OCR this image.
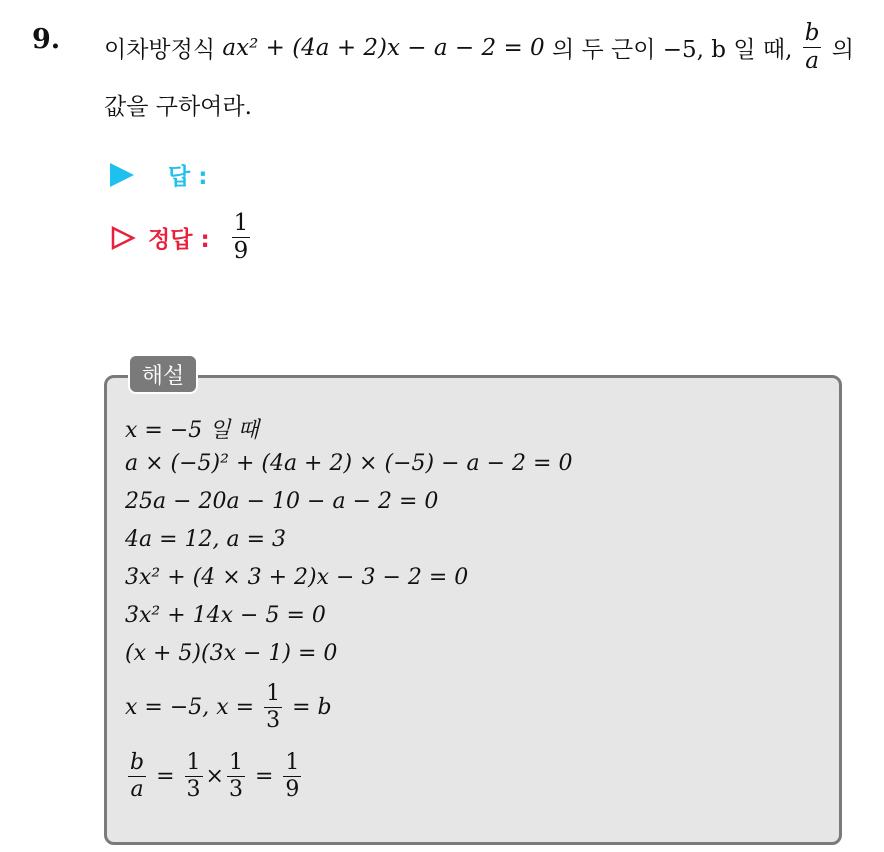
9. 이차방정식
ax² + (4a + 2)x − a − 2 = 0
의 두 근이 −5, b 일 때,
$\frac{b}{a}$
의
값을 구하여라.
답 :
정답 : $\frac{1}{9}$
해설
x = −5 일 때
a × (−5)² + (4a + 2) × (−5) − a − 2 = 0
25a − 20a − 10 − a − 2 = 0
4a = 12, a = 3
3x² + (4 × 3 + 2)x − 3 − 2 = 0
3x² + 14x − 5 = 0
(x + 5)(3x − 1) = 0
x = −5, x =
$\frac{1}{3}$
= b
$\frac{b}{a}$
=
$\frac{1}{3} \times \frac{1}{3}$
=
$\frac{1}{9}$
